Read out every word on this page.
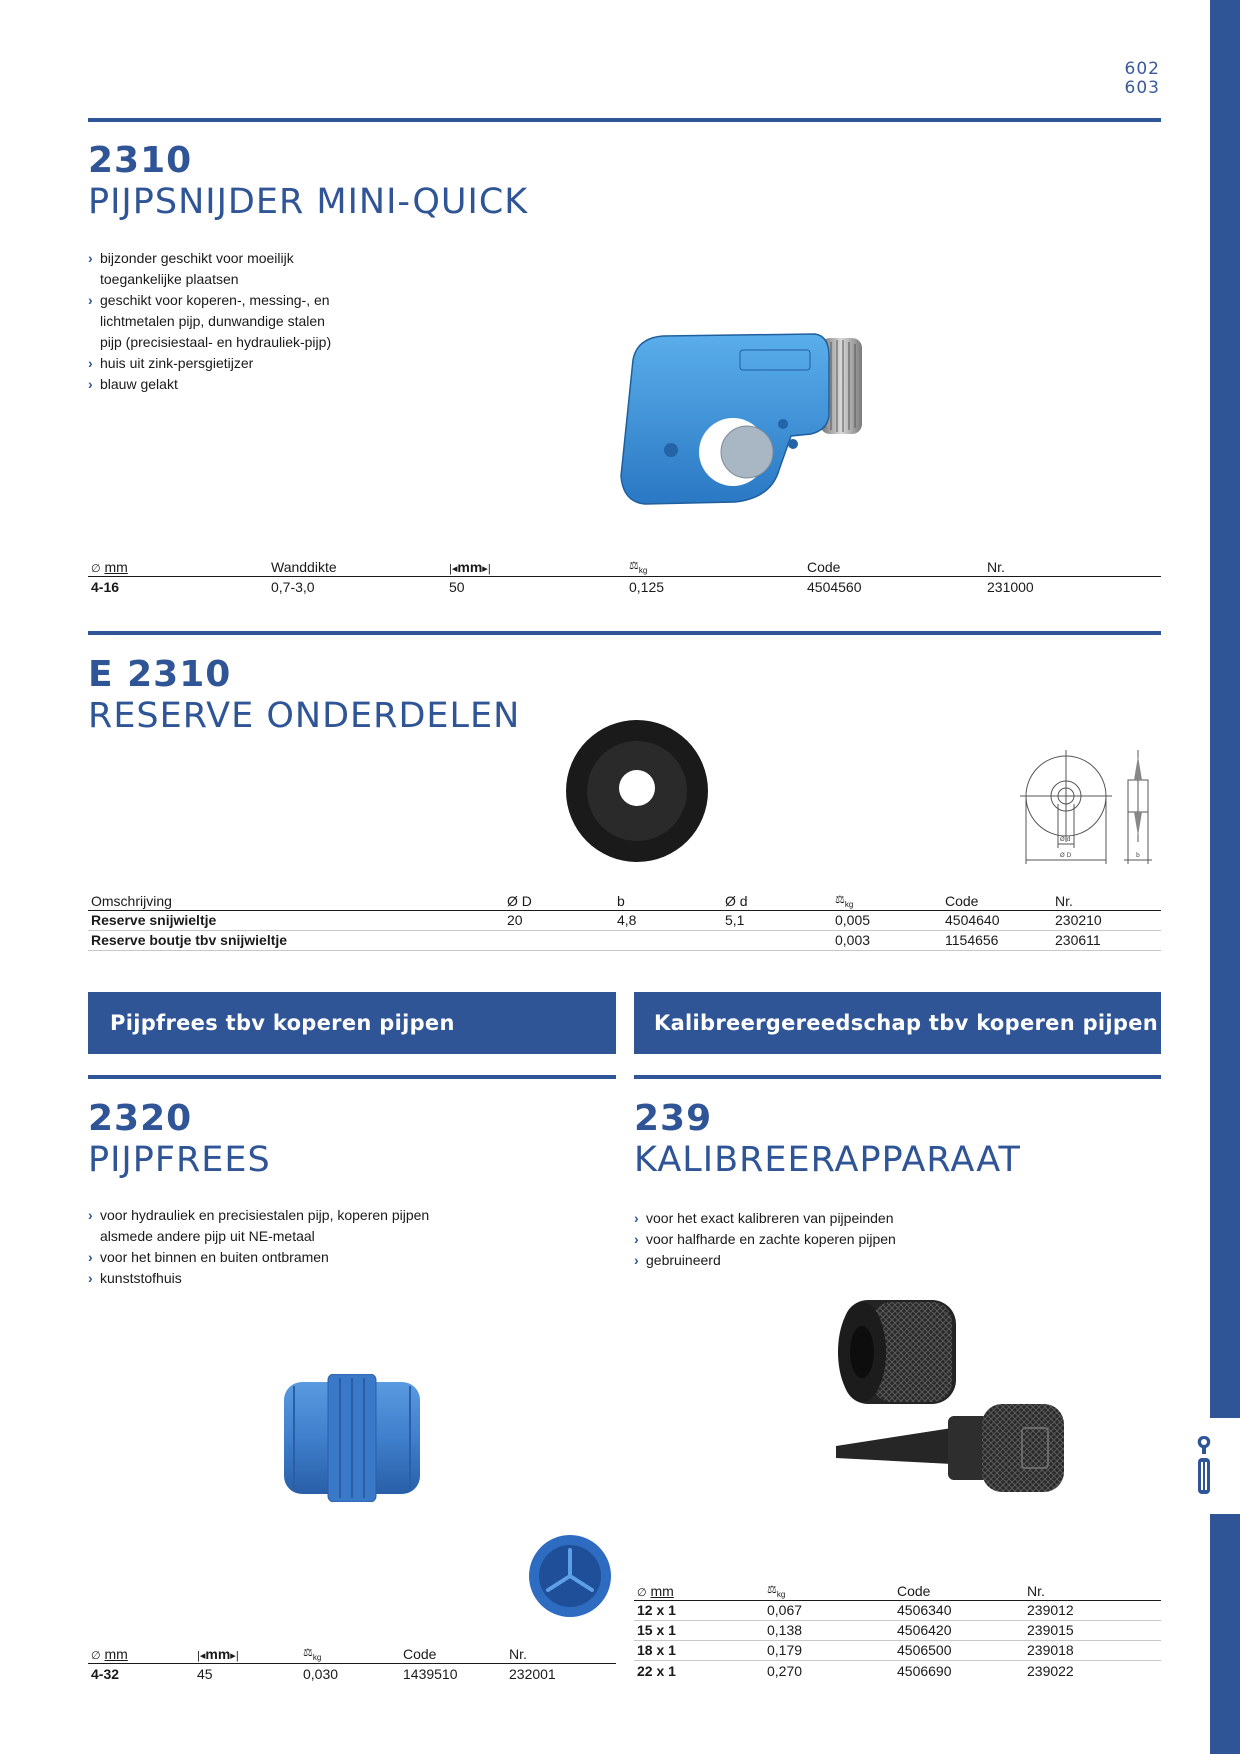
602
603
2310
PIJPSNIJDER MINI-QUICK
› bijzonder geschikt voor moeilijk
toegankelijke plaatsen
› geschikt voor koperen-, messing-, en
lichtmetalen pijp, dunwandige stalen
pijp (precisiestaal- en hydrauliek-pijp)
› huis uit zink-persgietijzer
› blauw gelakt
∅ mm	Wanddikte	|◂mm▸|	$⚖_{kg}$	Code	Nr.
4-16	0,7-3,0	50	0,125	4504560	231000
E 2310
RESERVE ONDERDELEN
Ø d
Ø D	b
Omschrijving	Ø D	b	Ø d	$⚖_{kg}$	Code	Nr.
Reserve snijwieltje	20	4,8	5,1	0,005	4504640	230210
Reserve boutje tbv snijwieltje				0,003	1154656	230611
Pijpfrees tbv koperen pijpen	Kalibreergereedschap tbv koperen pijpen
2320
PIJPFREES
› voor hydrauliek en precisiestalen pijp, koperen pijpen
alsmede andere pijp uit NE-metaal
› voor het binnen en buiten ontbramen
› kunststofhuis
∅ mm	|◂mm▸|	$⚖_{kg}$	Code	Nr.
4-32	45	0,030	1439510	232001
239
KALIBREERAPPARAAT
› voor het exact kalibreren van pijpeinden
› voor halfharde en zachte koperen pijpen
› gebruineerd
∅ mm	$⚖_{kg}$	Code	Nr.
12 x 1	0,067	4506340	239012
15 x 1	0,138	4506420	239015
18 x 1	0,179	4506500	239018
22 x 1	0,270	4506690	239022
